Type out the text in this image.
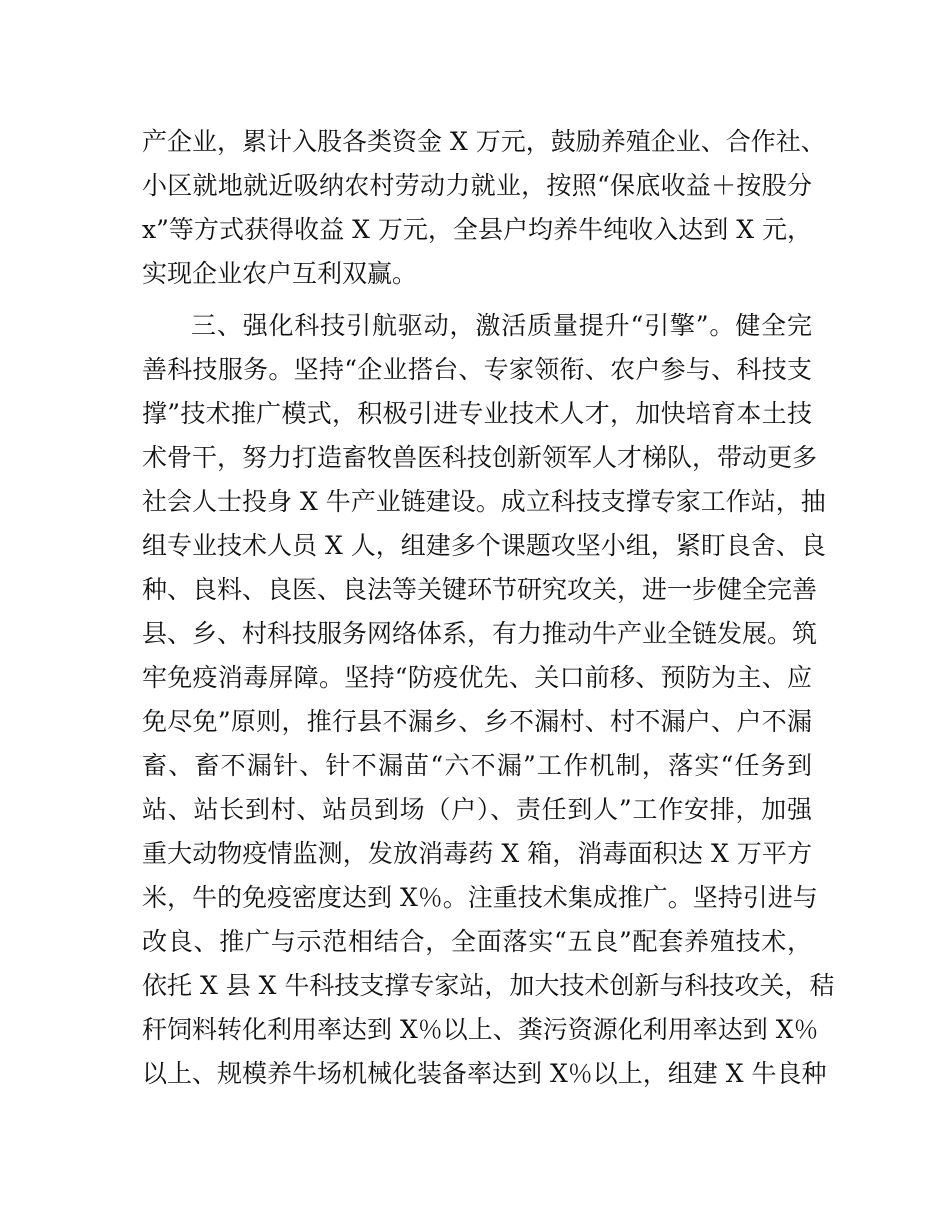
产企业，累计入股各类资金 X 万元，鼓励养殖企业、合作社、
小区就地就近吸纳农村劳动力就业，按照“保底收益＋按股分
x”等方式获得收益 X 万元，全县户均养牛纯收入达到 X 元，
实现企业农户互利双赢。
三、强化科技引航驱动，激活质量提升“引擎”。健全完
善科技服务。坚持“企业搭台、专家领衔、农户参与、科技支
撑”技术推广模式，积极引进专业技术人才，加快培育本土技
术骨干，努力打造畜牧兽医科技创新领军人才梯队，带动更多
社会人士投身 X 牛产业链建设。成立科技支撑专家工作站，抽
组专业技术人员 X 人，组建多个课题攻坚小组，紧盯良舍、良
种、良料、良医、良法等关键环节研究攻关，进一步健全完善
县、乡、村科技服务网络体系，有力推动牛产业全链发展。筑
牢免疫消毒屏障。坚持“防疫优先、关口前移、预防为主、应
免尽免”原则，推行县不漏乡、乡不漏村、村不漏户、户不漏
畜、畜不漏针、针不漏苗“六不漏”工作机制，落实“任务到
站、站长到村、站员到场（户）、责任到人”工作安排，加强
重大动物疫情监测，发放消毒药 X 箱，消毒面积达 X 万平方
米，牛的免疫密度达到 X％。注重技术集成推广。坚持引进与
改良、推广与示范相结合，全面落实“五良”配套养殖技术，
依托 X 县 X 牛科技支撑专家站，加大技术创新与科技攻关，秸
秆饲料转化利用率达到 X％以上、粪污资源化利用率达到 X％
以上、规模养牛场机械化装备率达到 X％以上，组建 X 牛良种
